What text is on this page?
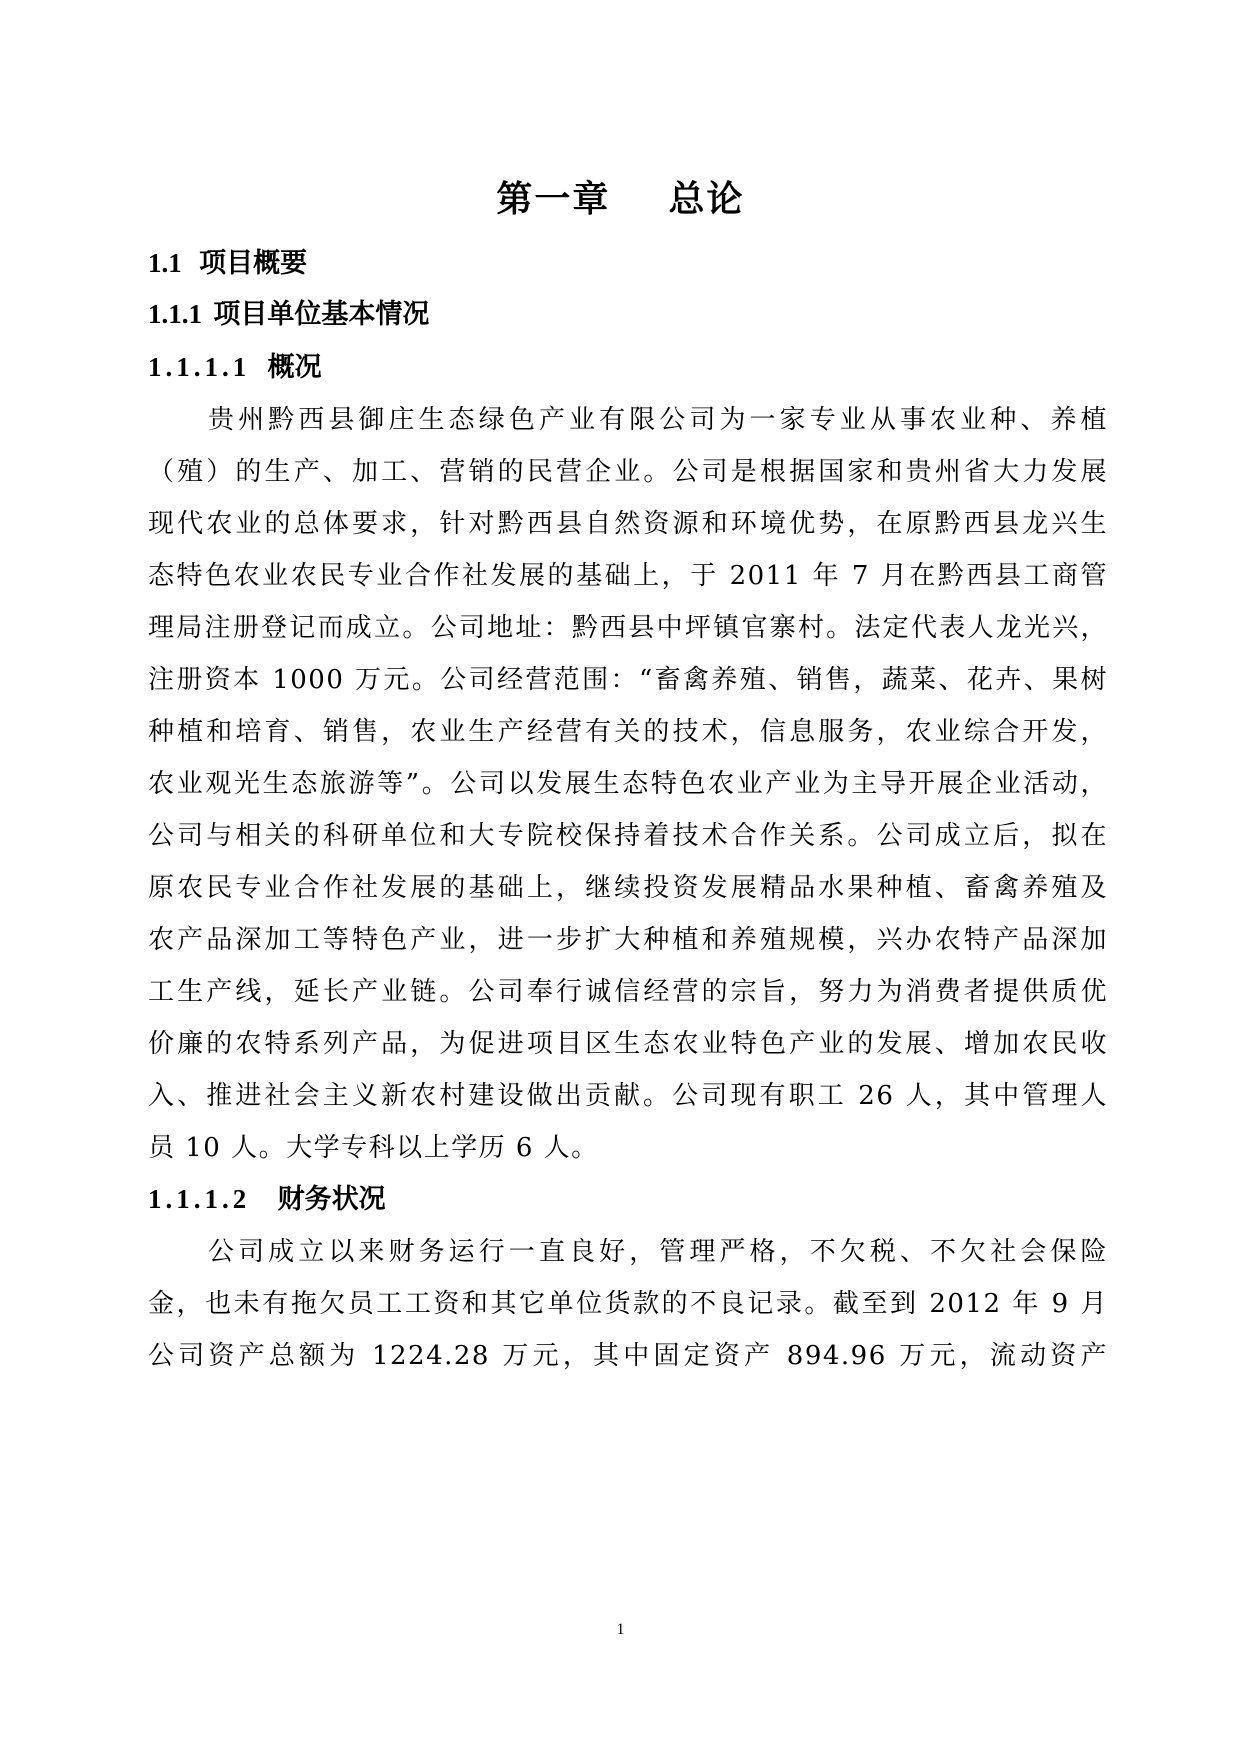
第一章    总论
1.1 项目概要
1.1.1 项目单位基本情况
1.1.1.1 概况
贵州黔西县御庄生态绿色产业有限公司为一家专业从事农业种、养植
（殖）的生产、加工、营销的民营企业。公司是根据国家和贵州省大力发展
现代农业的总体要求，针对黔西县自然资源和环境优势，在原黔西县龙兴生
态特色农业农民专业合作社发展的基础上，于 2011 年 7 月在黔西县工商管
理局注册登记而成立。公司地址：黔西县中坪镇官寨村。法定代表人龙光兴，
注册资本 1000 万元。公司经营范围：“畜禽养殖、销售，蔬菜、花卉、果树
种植和培育、销售，农业生产经营有关的技术，信息服务，农业综合开发，
农业观光生态旅游等”。公司以发展生态特色农业产业为主导开展企业活动，
公司与相关的科研单位和大专院校保持着技术合作关系。公司成立后，拟在
原农民专业合作社发展的基础上，继续投资发展精品水果种植、畜禽养殖及
农产品深加工等特色产业，进一步扩大种植和养殖规模，兴办农特产品深加
工生产线，延长产业链。公司奉行诚信经营的宗旨，努力为消费者提供质优
价廉的农特系列产品，为促进项目区生态农业特色产业的发展、增加农民收
入、推进社会主义新农村建设做出贡献。公司现有职工 26 人，其中管理人
员 10 人。大学专科以上学历 6 人。
1.1.1.2 财务状况
公司成立以来财务运行一直良好，管理严格，不欠税、不欠社会保险
金，也未有拖欠员工工资和其它单位货款的不良记录。截至到 2012 年 9 月
公司资产总额为 1224.28 万元，其中固定资产 894.96 万元，流动资产
1
